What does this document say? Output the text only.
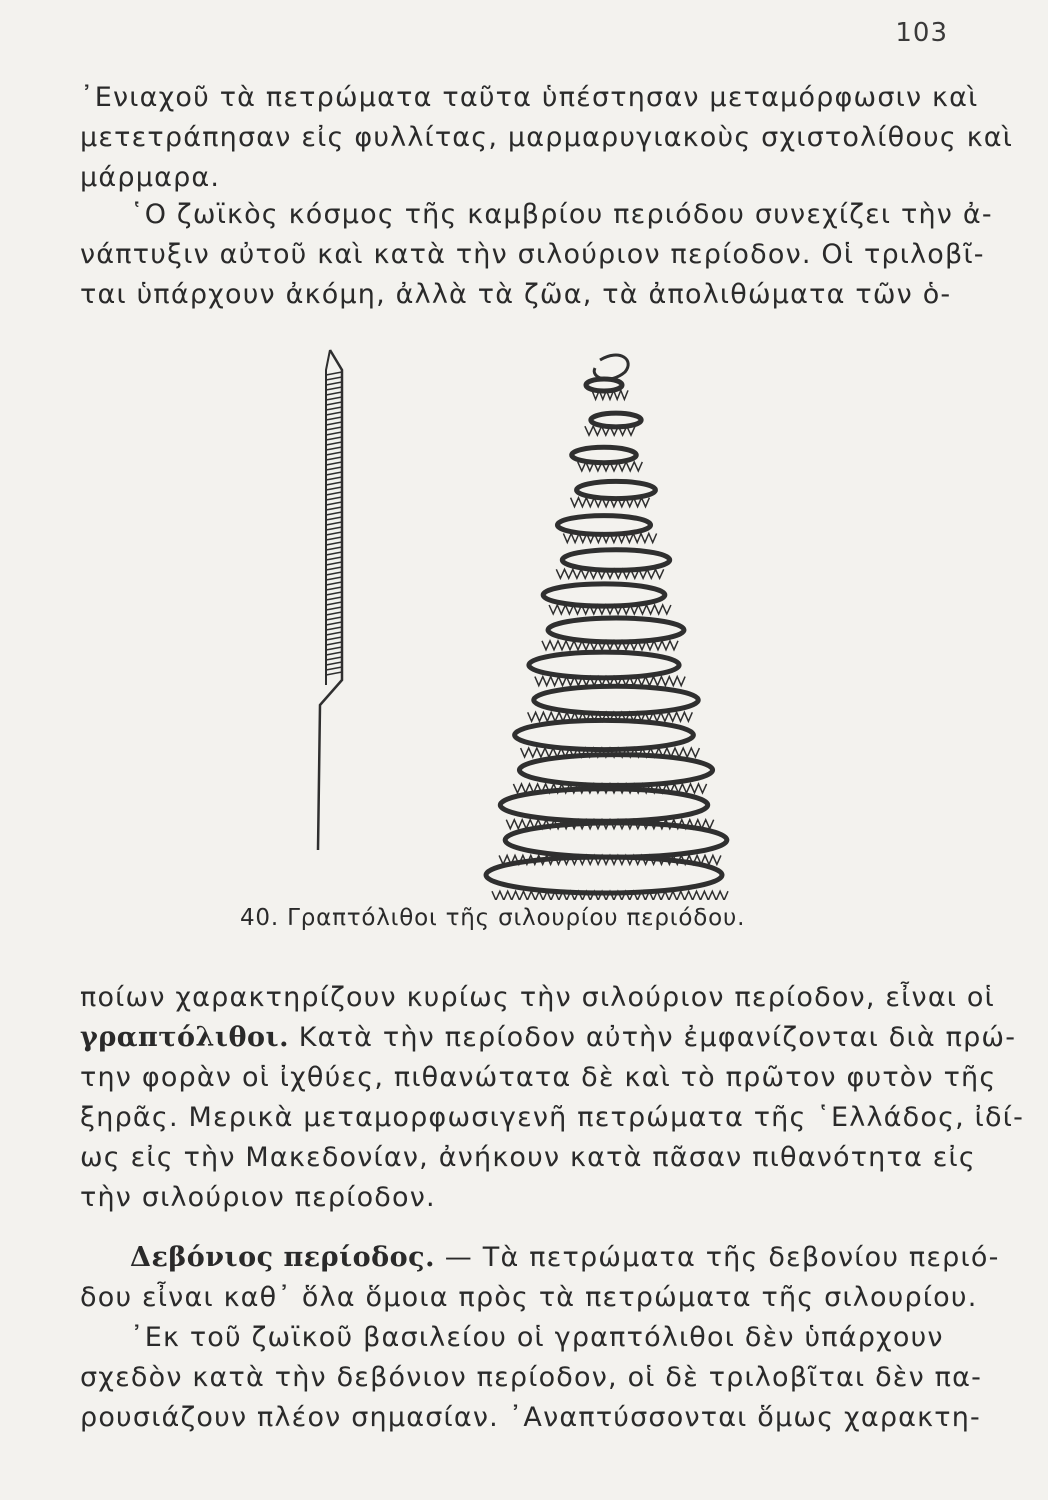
103

᾿Ενιαχοῦ τὰ πετρώματα ταῦτα ὑπέστησαν μεταμόρφωσιν καὶ
μετετράπησαν εἰς φυλλίτας, μαρμαρυγιακοὺς σχιστολίθους καὶ
μάρμαρα.

῾Ο ζωϊκὸς κόσμος τῆς καμβρίου περιόδου συνεχίζει τὴν ἀ-
νάπτυξιν αὐτοῦ καὶ κατὰ τὴν σιλούριον περίοδον. Οἱ τριλοβῖ-
ται ὑπάρχουν ἀκόμη, ἀλλὰ τὰ ζῶα, τὰ ἀπολιθώματα τῶν ὁ-

40. Γραπτόλιθοι τῆς σιλουρίου περιόδου.

ποίων χαρακτηρίζουν κυρίως τὴν σιλούριον περίοδον, εἶναι οἱ
γραπτόλιθοι. Κατὰ τὴν περίοδον αὐτὴν ἐμφανίζονται διὰ πρώ-
την φορὰν οἱ ἰχθύες, πιθανώτατα δὲ καὶ τὸ πρῶτον φυτὸν τῆς
ξηρᾶς. Μερικὰ μεταμορφωσιγενῆ πετρώματα τῆς ῾Ελλάδος, ἰδί-
ως εἰς τὴν Μακεδονίαν, ἀνήκουν κατὰ πᾶσαν πιθανότητα εἰς
τὴν σιλούριον περίοδον.

Δεβόνιος περίοδος. — Τὰ πετρώματα τῆς δεβονίου περιό-
δου εἶναι καθ᾿ ὅλα ὅμοια πρὸς τὰ πετρώματα τῆς σιλουρίου.

᾿Εκ τοῦ ζωϊκοῦ βασιλείου οἱ γραπτόλιθοι δὲν ὑπάρχουν
σχεδὸν κατὰ τὴν δεβόνιον περίοδον, οἱ δὲ τριλοβῖται δὲν πα-
ρουσιάζουν πλέον σημασίαν. ᾿Αναπτύσσονται ὅμως χαρακτη-
